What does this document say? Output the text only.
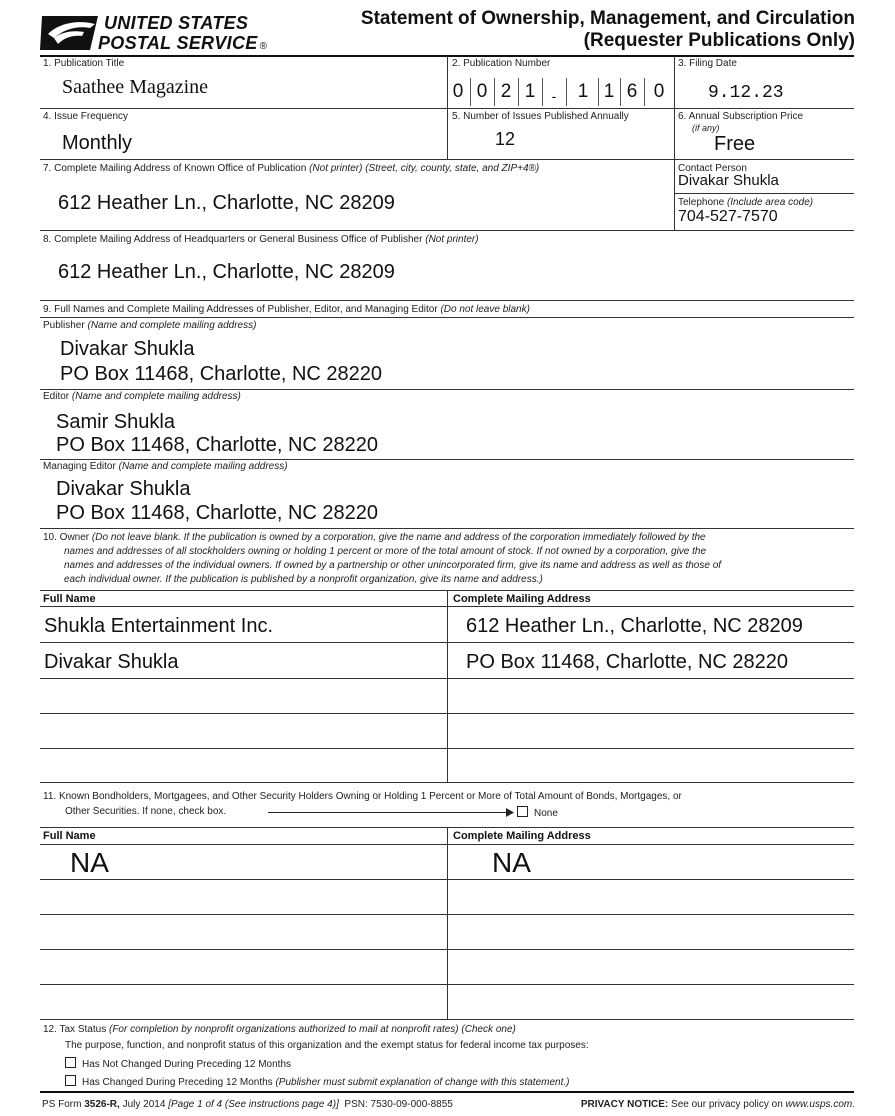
UNITED STATES
POSTAL SERVICE ®
Statement of Ownership, Management, and Circulation
(Requester Publications Only)
1. Publication Title
Saathee Magazine
2. Publication Number
0 0 2 1	-	1 1 6 0
3. Filing Date
9.12.23
4. Issue Frequency
Monthly
5. Number of Issues Published Annually
12
6. Annual Subscription Price
(if any)
Free
7. Complete Mailing Address of Known Office of Publication (Not printer) (Street, city, county, state, and ZIP+4®)
612 Heather Ln., Charlotte, NC 28209
Contact Person
Divakar Shukla
Telephone (Include area code)
704-527-7570
8. Complete Mailing Address of Headquarters or General Business Office of Publisher (Not printer)
612 Heather Ln., Charlotte, NC 28209
9. Full Names and Complete Mailing Addresses of Publisher, Editor, and Managing Editor (Do not leave blank)
Publisher (Name and complete mailing address)
Divakar Shukla
PO Box 11468, Charlotte, NC 28220
Editor (Name and complete mailing address)
Samir Shukla
PO Box 11468, Charlotte, NC 28220
Managing Editor (Name and complete mailing address)
Divakar Shukla
PO Box 11468, Charlotte, NC 28220
10. Owner (Do not leave blank. If the publication is owned by a corporation, give the name and address of the corporation immediately followed by the
names and addresses of all stockholders owning or holding 1 percent or more of the total amount of stock. If not owned by a corporation, give the
names and addresses of the individual owners. If owned by a partnership or other unincorporated firm, give its name and address as well as those of
each individual owner. If the publication is published by a nonprofit organization, give its name and address.)
Full Name	Complete Mailing Address
Shukla Entertainment Inc.	612 Heather Ln., Charlotte, NC 28209
Divakar Shukla	PO Box 11468, Charlotte, NC 28220
11. Known Bondholders, Mortgagees, and Other Security Holders Owning or Holding 1 Percent or More of Total Amount of Bonds, Mortgages, or
Other Securities. If none, check box.	None
Full Name	Complete Mailing Address
NA	NA
12. Tax Status (For completion by nonprofit organizations authorized to mail at nonprofit rates) (Check one)
The purpose, function, and nonprofit status of this organization and the exempt status for federal income tax purposes:
Has Not Changed During Preceding 12 Months
Has Changed During Preceding 12 Months (Publisher must submit explanation of change with this statement.)
PS Form 3526-R, July 2014 [Page 1 of 4 (See instructions page 4)] PSN: 7530-09-000-8855	PRIVACY NOTICE: See our privacy policy on www.usps.com.
